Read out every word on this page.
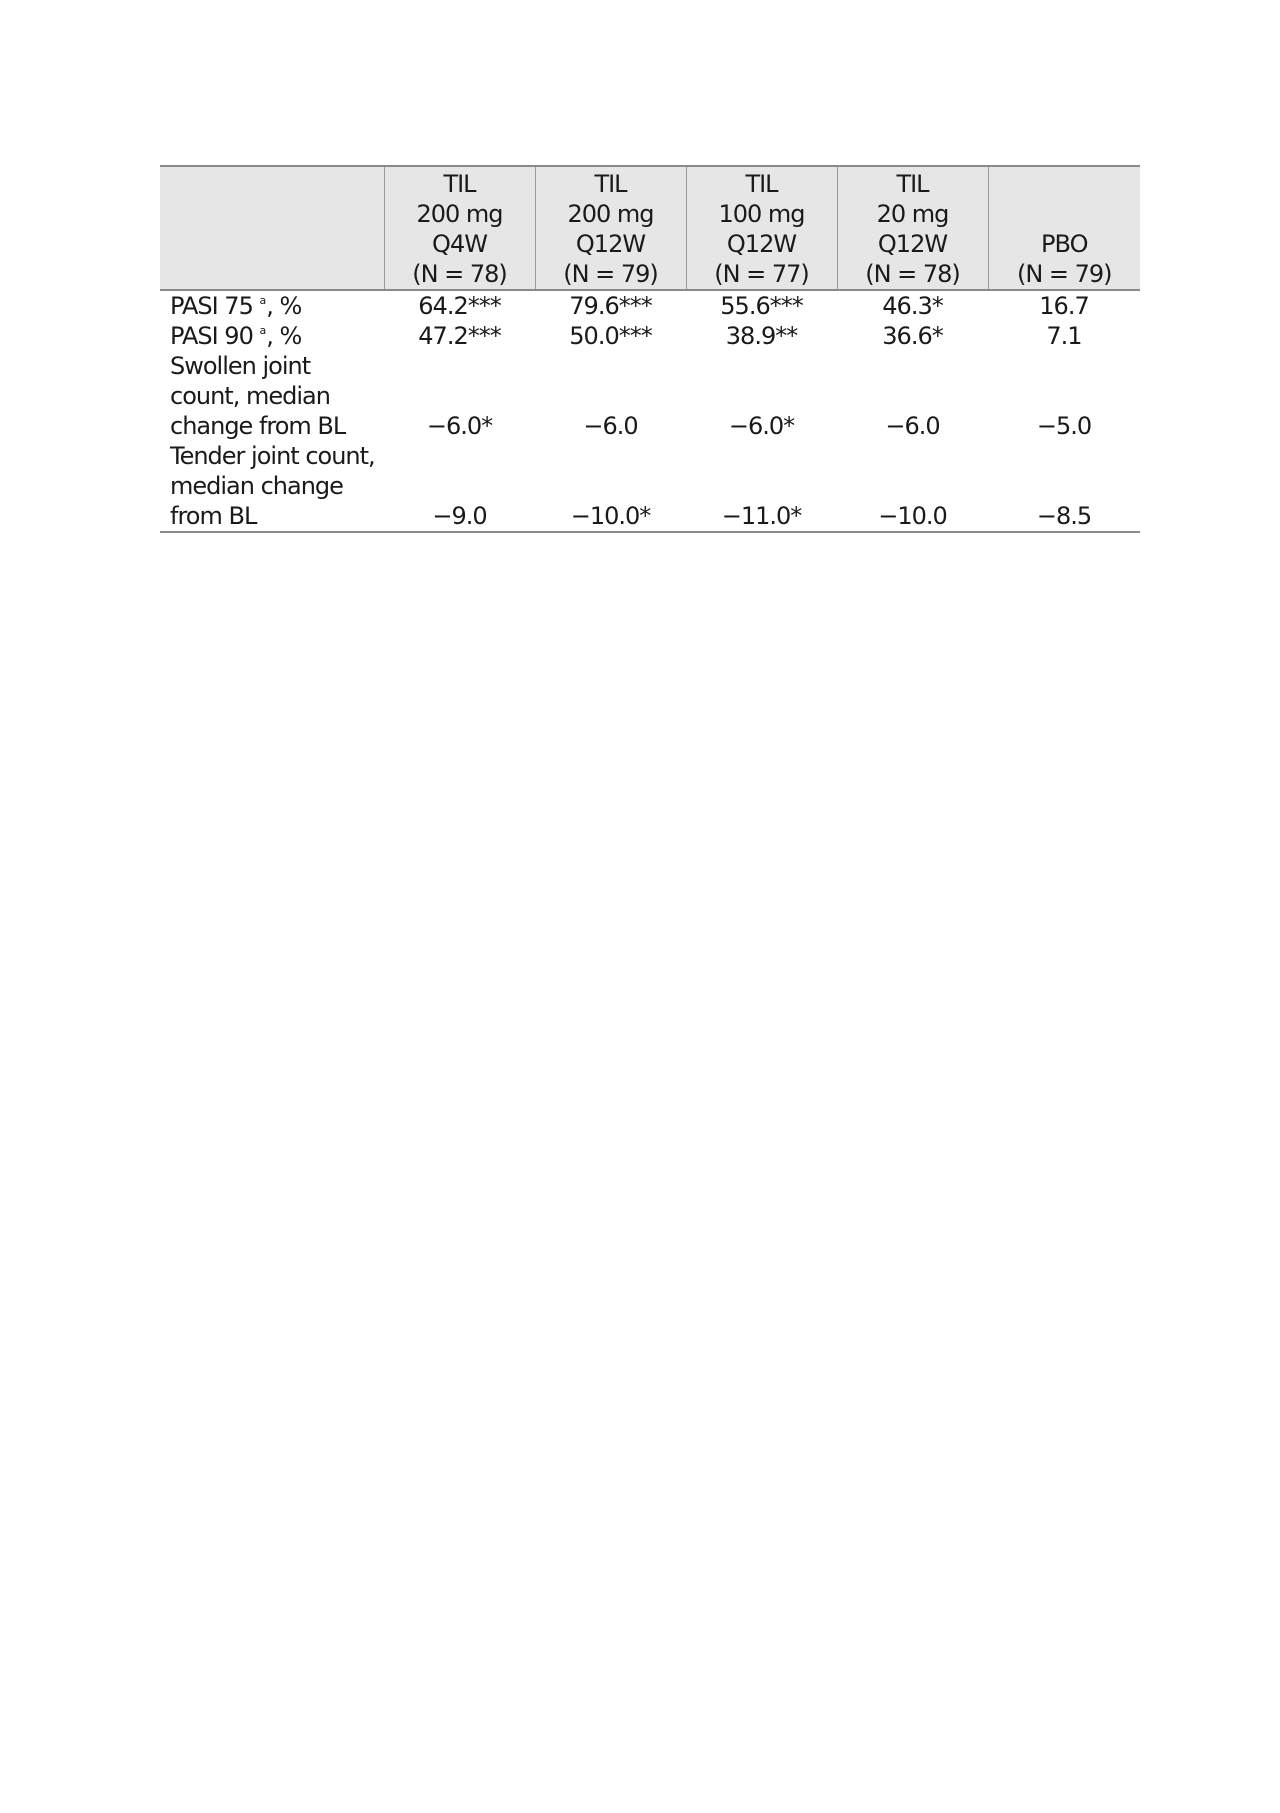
	TIL
200 mg
Q4W
(N = 78)	TIL
200 mg
Q12W
(N = 79)	TIL
100 mg
Q12W
(N = 77)	TIL
20 mg
Q12W
(N = 78)	PBO
(N = 79)

PASI 75 $^a$, %	64.2***	79.6***	55.6***	46.3*	16.7
PASI 90 $^a$, %	47.2***	50.0***	38.9**	36.6*	7.1

Swollen joint
count, median
change from BL	−6.0*	−6.0	−6.0*	−6.0	−5.0

Tender joint count,
median change
from BL	−9.0	−10.0*	−11.0*	−10.0	−8.5
